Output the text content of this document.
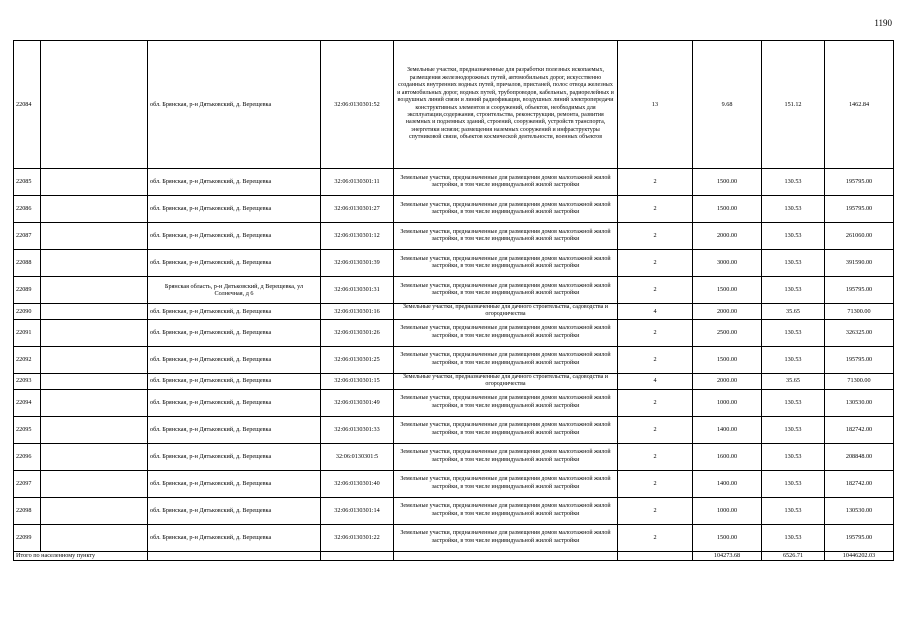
1190
22084		обл. Брянская, р-н Дятьковский, д. Верещевка	32:06:0130301:52	Земельные участки, предназначенные для разработки полезных ископаемых, размещения железнодорожных путей, автомобильных дорог, искусственно созданных внутренних водных путей, причалов, пристаней, полос отвода железных и автомобильных дорог, водных путей, трубопроводов, кабельных, радиорелейных и воздушных линий связи и линий радиофикации, воздушных линий электропередачи конструктивных элементов и сооружений, объектов, необходимых для эксплуатации,содержания, строительства, реконструкции, ремонта, развития наземных и подземных зданий, строений, сооружений, устройств транспорта, энергетики исвязи; размещения наземных сооружений и инфраструктуры спутниковой связи, объектов космической деятельности, военных объектов	13	9.68	151.12	1462.84
22085		обл. Брянская, р-н Дятьковский, д. Верещевка	32:06:0130301:11	Земельные участки, предназначенные для размещения домов малоэтажной жилой застройки, в том числе индивидуальной жилой застройки	2	1500.00	130.53	195795.00
22086		обл. Брянская, р-н Дятьковский, д. Верещевка	32:06:0130301:27	Земельные участки, предназначенные для размещения домов малоэтажной жилой застройки, в том числе индивидуальной жилой застройки	2	1500.00	130.53	195795.00
22087		обл. Брянская, р-н Дятьковский, д. Верещевка	32:06:0130301:12	Земельные участки, предназначенные для размещения домов малоэтажной жилой застройки, в том числе индивидуальной жилой застройки	2	2000.00	130.53	261060.00
22088		обл. Брянская, р-н Дятьковский, д. Верещевка	32:06:0130301:39	Земельные участки, предназначенные для размещения домов малоэтажной жилой застройки, в том числе индивидуальной жилой застройки	2	3000.00	130.53	391590.00
22089		Брянская область, р-н Дятьковский, д Верещевка, ул Солнечная, д 6	32:06:0130301:31	Земельные участки, предназначенные для размещения домов малоэтажной жилой застройки, в том числе индивидуальной жилой застройки	2	1500.00	130.53	195795.00
22090		обл. Брянская, р-н Дятьковский, д. Верещевка	32:06:0130301:16	Земельные участки, предназначенные для дачного строительства, садоводства и огородничества	4	2000.00	35.65	71300.00
22091		обл. Брянская, р-н Дятьковский, д. Верещевка	32:06:0130301:26	Земельные участки, предназначенные для размещения домов малоэтажной жилой застройки, в том числе индивидуальной жилой застройки	2	2500.00	130.53	326325.00
22092		обл. Брянская, р-н Дятьковский, д. Верещевка	32:06:0130301:25	Земельные участки, предназначенные для размещения домов малоэтажной жилой застройки, в том числе индивидуальной жилой застройки	2	1500.00	130.53	195795.00
22093		обл. Брянская, р-н Дятьковский, д. Верещевка	32:06:0130301:15	Земельные участки, предназначенные для дачного строительства, садоводства и огородничества	4	2000.00	35.65	71300.00
22094		обл. Брянская, р-н Дятьковский, д. Верещевка	32:06:0130301:49	Земельные участки, предназначенные для размещения домов малоэтажной жилой застройки, в том числе индивидуальной жилой застройки	2	1000.00	130.53	130530.00
22095		обл. Брянская, р-н Дятьковский, д. Верещевка	32:06:0130301:33	Земельные участки, предназначенные для размещения домов малоэтажной жилой застройки, в том числе индивидуальной жилой застройки	2	1400.00	130.53	182742.00
22096		обл. Брянская, р-н Дятьковский, д. Верещевка	32:06:0130301:5	Земельные участки, предназначенные для размещения домов малоэтажной жилой застройки, в том числе индивидуальной жилой застройки	2	1600.00	130.53	208848.00
22097		обл. Брянская, р-н Дятьковский, д. Верещевка	32:06:0130301:40	Земельные участки, предназначенные для размещения домов малоэтажной жилой застройки, в том числе индивидуальной жилой застройки	2	1400.00	130.53	182742.00
22098		обл. Брянская, р-н Дятьковский, д. Верещевка	32:06:0130301:14	Земельные участки, предназначенные для размещения домов малоэтажной жилой застройки, в том числе индивидуальной жилой застройки	2	1000.00	130.53	130530.00
22099		обл. Брянская, р-н Дятьковский, д. Верещевка	32:06:0130301:22	Земельные участки, предназначенные для размещения домов малоэтажной жилой застройки, в том числе индивидуальной жилой застройки	2	1500.00	130.53	195795.00
Итого по населенному пункту						104273.68	6526.71	10446202.03
